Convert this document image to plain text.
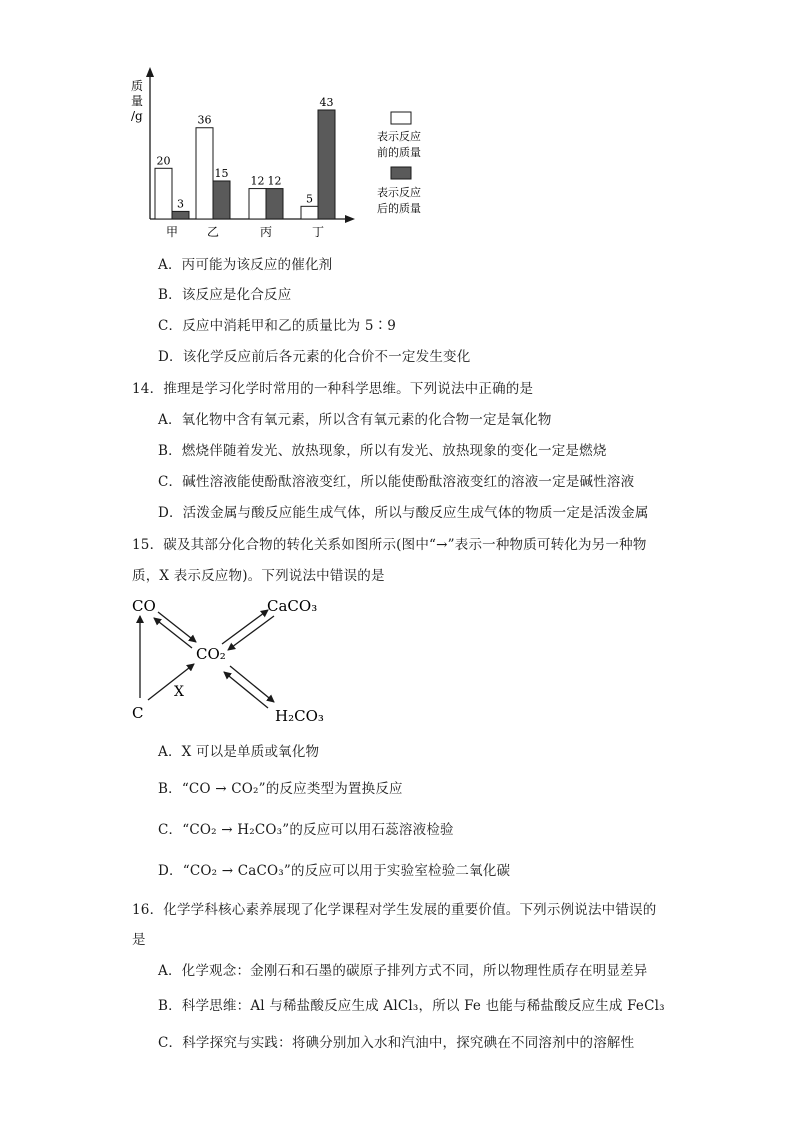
质
量
/g
20
3
甲
36
15
乙
12 12
丙
5
43
丁
表示反应
前的质量
表示反应
后的质量
A．丙可能为该反应的催化剂
B．该反应是化合反应
C．反应中消耗甲和乙的质量比为 5∶9
D．该化学反应前后各元素的化合价不一定发生变化
14．推理是学习化学时常用的一种科学思维。下列说法中正确的是
A．氧化物中含有氧元素，所以含有氧元素的化合物一定是氧化物
B．燃烧伴随着发光、放热现象，所以有发光、放热现象的变化一定是燃烧
C．碱性溶液能使酚酞溶液变红，所以能使酚酞溶液变红的溶液一定是碱性溶液
D．活泼金属与酸反应能生成气体，所以与酸反应生成气体的物质一定是活泼金属
15．碳及其部分化合物的转化关系如图所示(图中“→”表示一种物质可转化为另一种物
质，X 表示反应物)。下列说法中错误的是
CO	CaCO₃
CO₂
C
X
H₂CO₃
A．X 可以是单质或氧化物
B．“CO → CO₂”的反应类型为置换反应
C．“CO₂ → H₂CO₃”的反应可以用石蕊溶液检验
D．“CO₂ → CaCO₃”的反应可以用于实验室检验二氧化碳
16．化学学科核心素养展现了化学课程对学生发展的重要价值。下列示例说法中错误的
是
A．化学观念：金刚石和石墨的碳原子排列方式不同，所以物理性质存在明显差异
B．科学思维：Al 与稀盐酸反应生成 AlCl₃，所以 Fe 也能与稀盐酸反应生成 FeCl₃
C．科学探究与实践：将碘分别加入水和汽油中，探究碘在不同溶剂中的溶解性
